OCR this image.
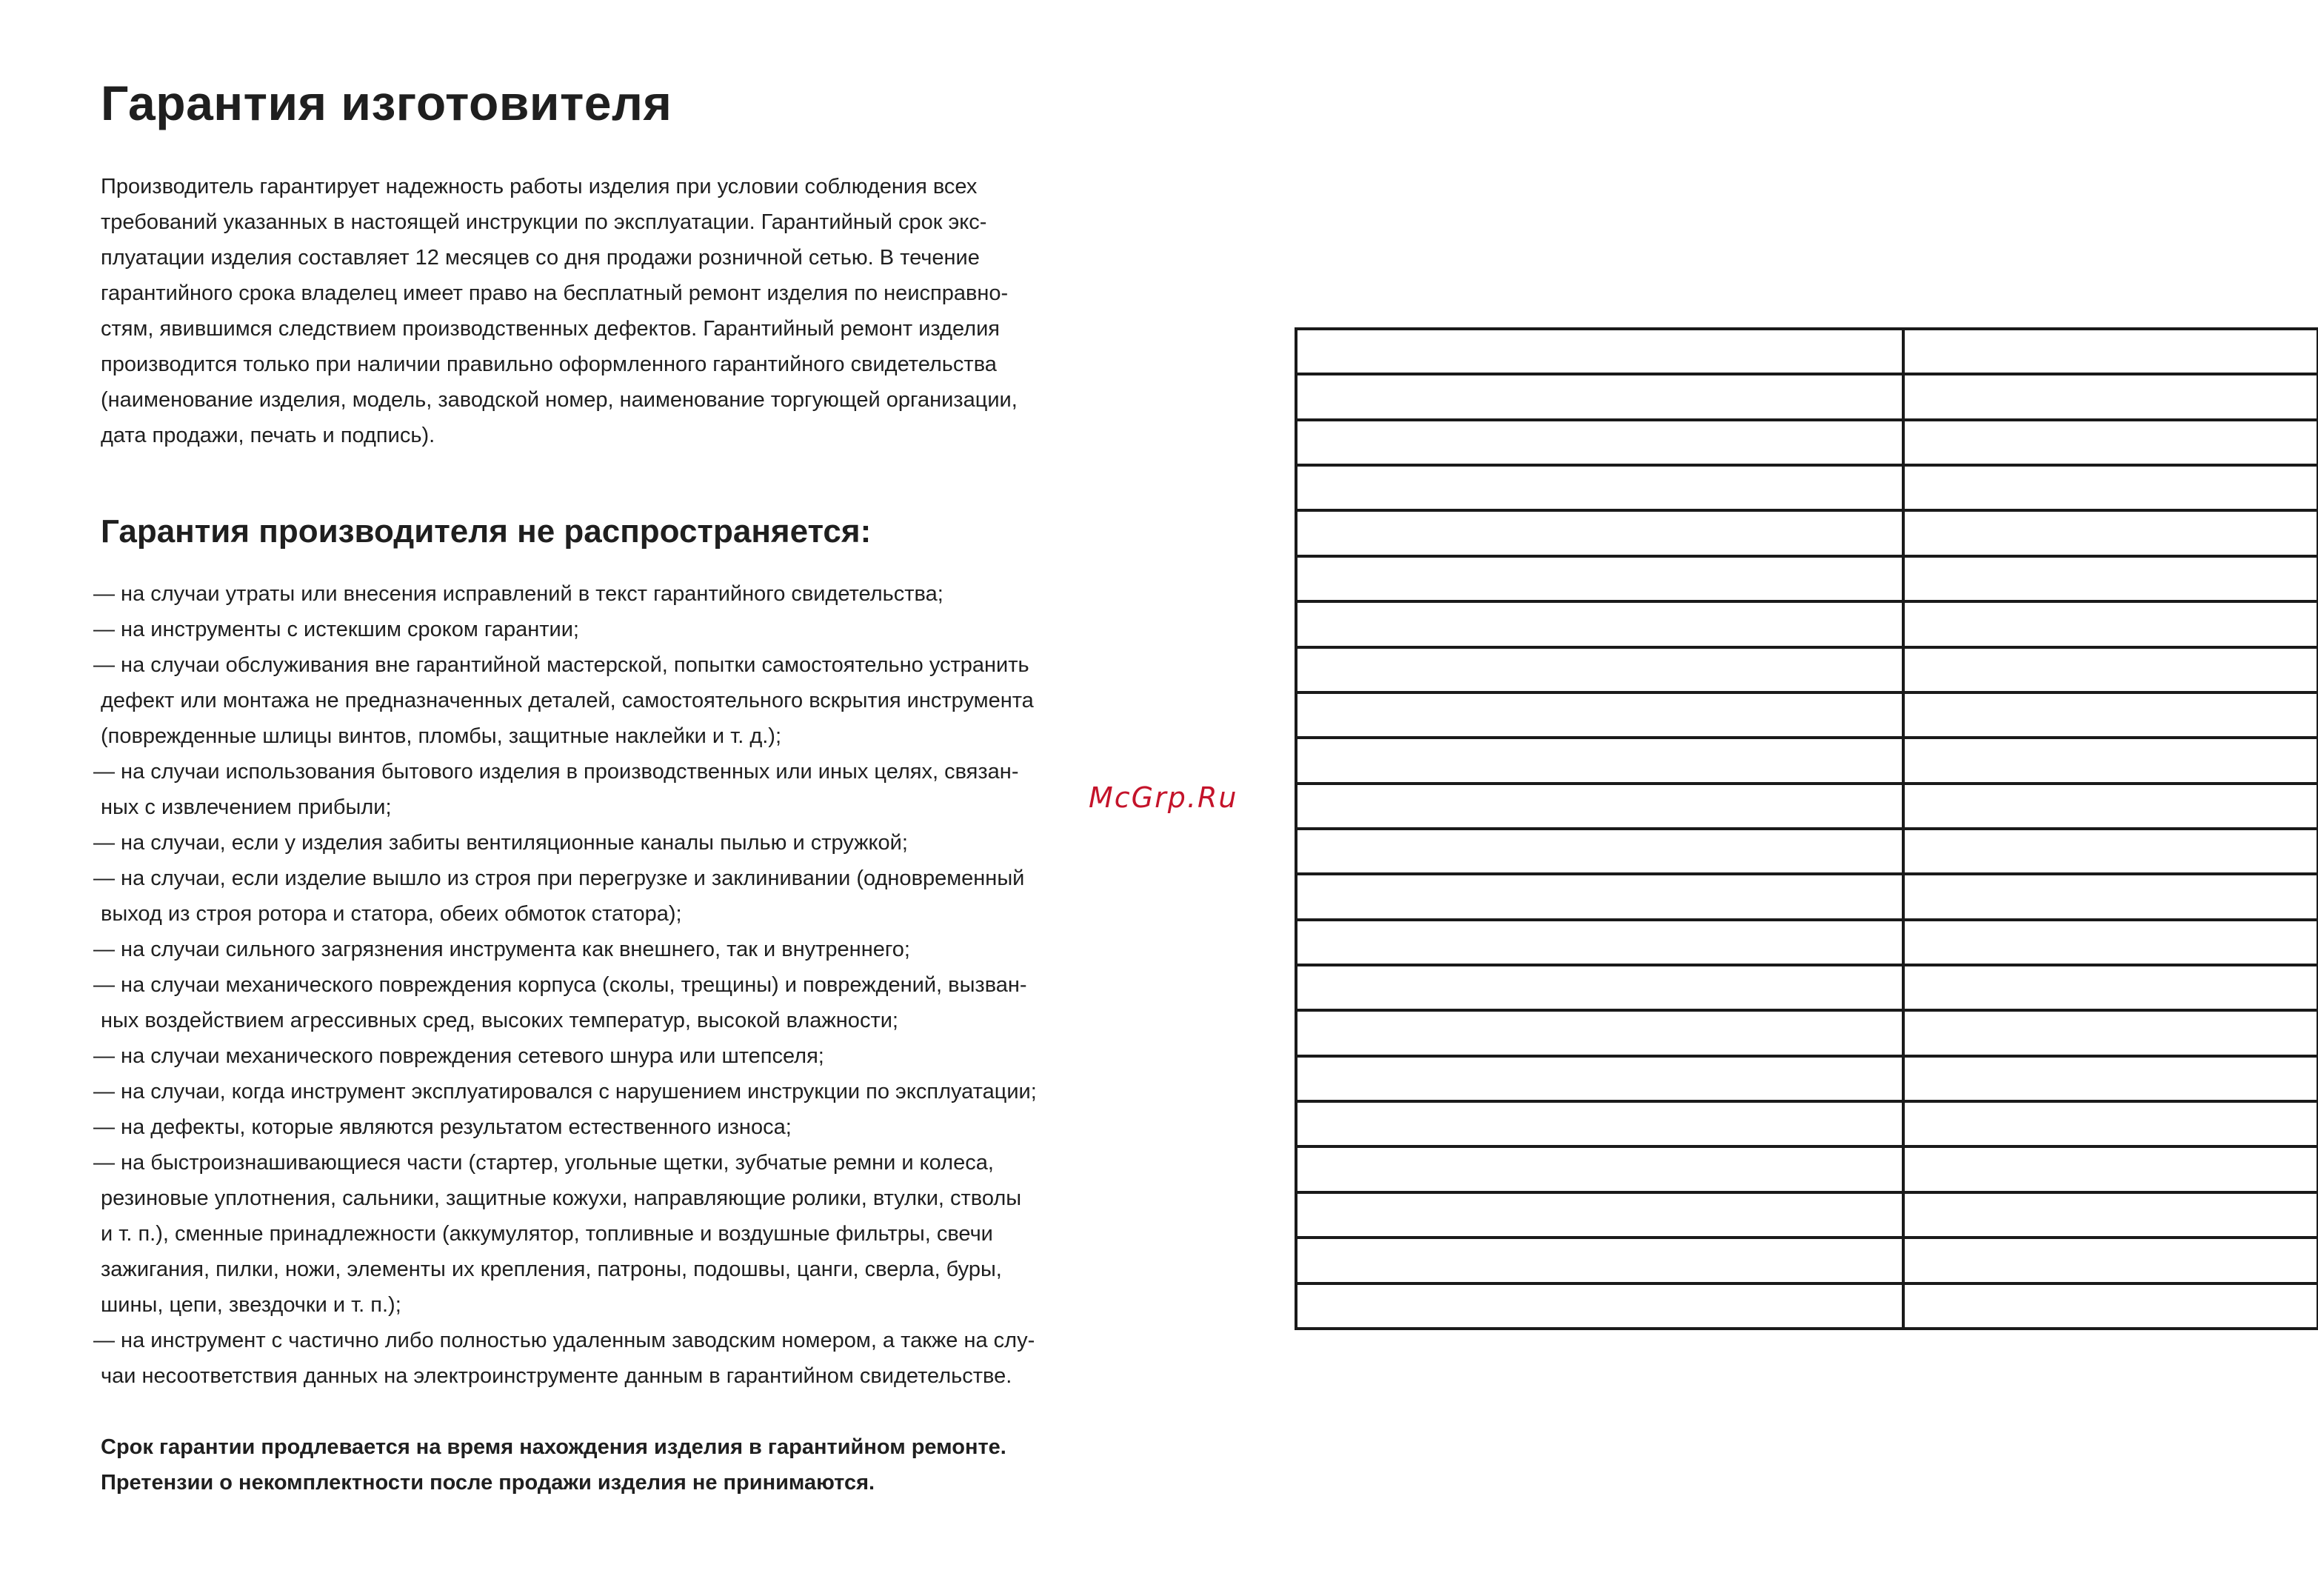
Гарантия изготовителя

Производитель гарантирует надежность работы изделия при условии соблюдения всех
требований указанных в настоящей инструкции по эксплуатации. Гарантийный срок экс-
плуатации изделия составляет 12 месяцев со дня продажи розничной сетью. В течение
гарантийного срока владелец имеет право на бесплатный ремонт изделия по неисправно-
стям, явившимся следствием производственных дефектов. Гарантийный ремонт изделия
производится только при наличии правильно оформленного гарантийного свидетельства
(наименование изделия, модель, заводской номер, наименование торгующей организации,
дата продажи, печать и подпись).

Гарантия производителя не распространяется:
— на случаи утраты или внесения исправлений в текст гарантийного свидетельства;
— на инструменты с истекшим сроком гарантии;
— на случаи обслуживания вне гарантийной мастерской, попытки самостоятельно устранить
дефект или монтажа не предназначенных деталей, самостоятельного вскрытия инструмента
(поврежденные шлицы винтов, пломбы, защитные наклейки и т. д.);
— на случаи использования бытового изделия в производственных или иных целях, связан-
ных с извлечением прибыли;
— на случаи, если у изделия забиты вентиляционные каналы пылью и стружкой;
— на случаи, если изделие вышло из строя при перегрузке и заклинивании (одновременный
выход из строя ротора и статора, обеих обмоток статора);
— на случаи сильного загрязнения инструмента как внешнего, так и внутреннего;
— на случаи механического повреждения корпуса (сколы, трещины) и повреждений, вызван-
ных воздействием агрессивных сред, высоких температур, высокой влажности;
— на случаи механического повреждения сетевого шнура или штепселя;
— на случаи, когда инструмент эксплуатировался с нарушением инструкции по эксплуатации;
— на дефекты, которые являются результатом естественного износа;
— на быстроизнашивающиеся части (стартер, угольные щетки, зубчатые ремни и колеса,
резиновые уплотнения, сальники, защитные кожухи, направляющие ролики, втулки, стволы
и т. п.), сменные принадлежности (аккумулятор, топливные и воздушные фильтры, свечи
зажигания, пилки, ножи, элементы их крепления, патроны, подошвы, цанги, сверла, буры,
шины, цепи, звездочки и т. п.);
— на инструмент с частично либо полностью удаленным заводским номером, а также на слу-
чаи несоответствия данных на электроинструменте данным в гарантийном свидетельстве.

Срок гарантии продлевается на время нахождения изделия в гарантийном ремонте.
Претензии о некомплектности после продажи изделия не принимаются.

McGrp.Ru
